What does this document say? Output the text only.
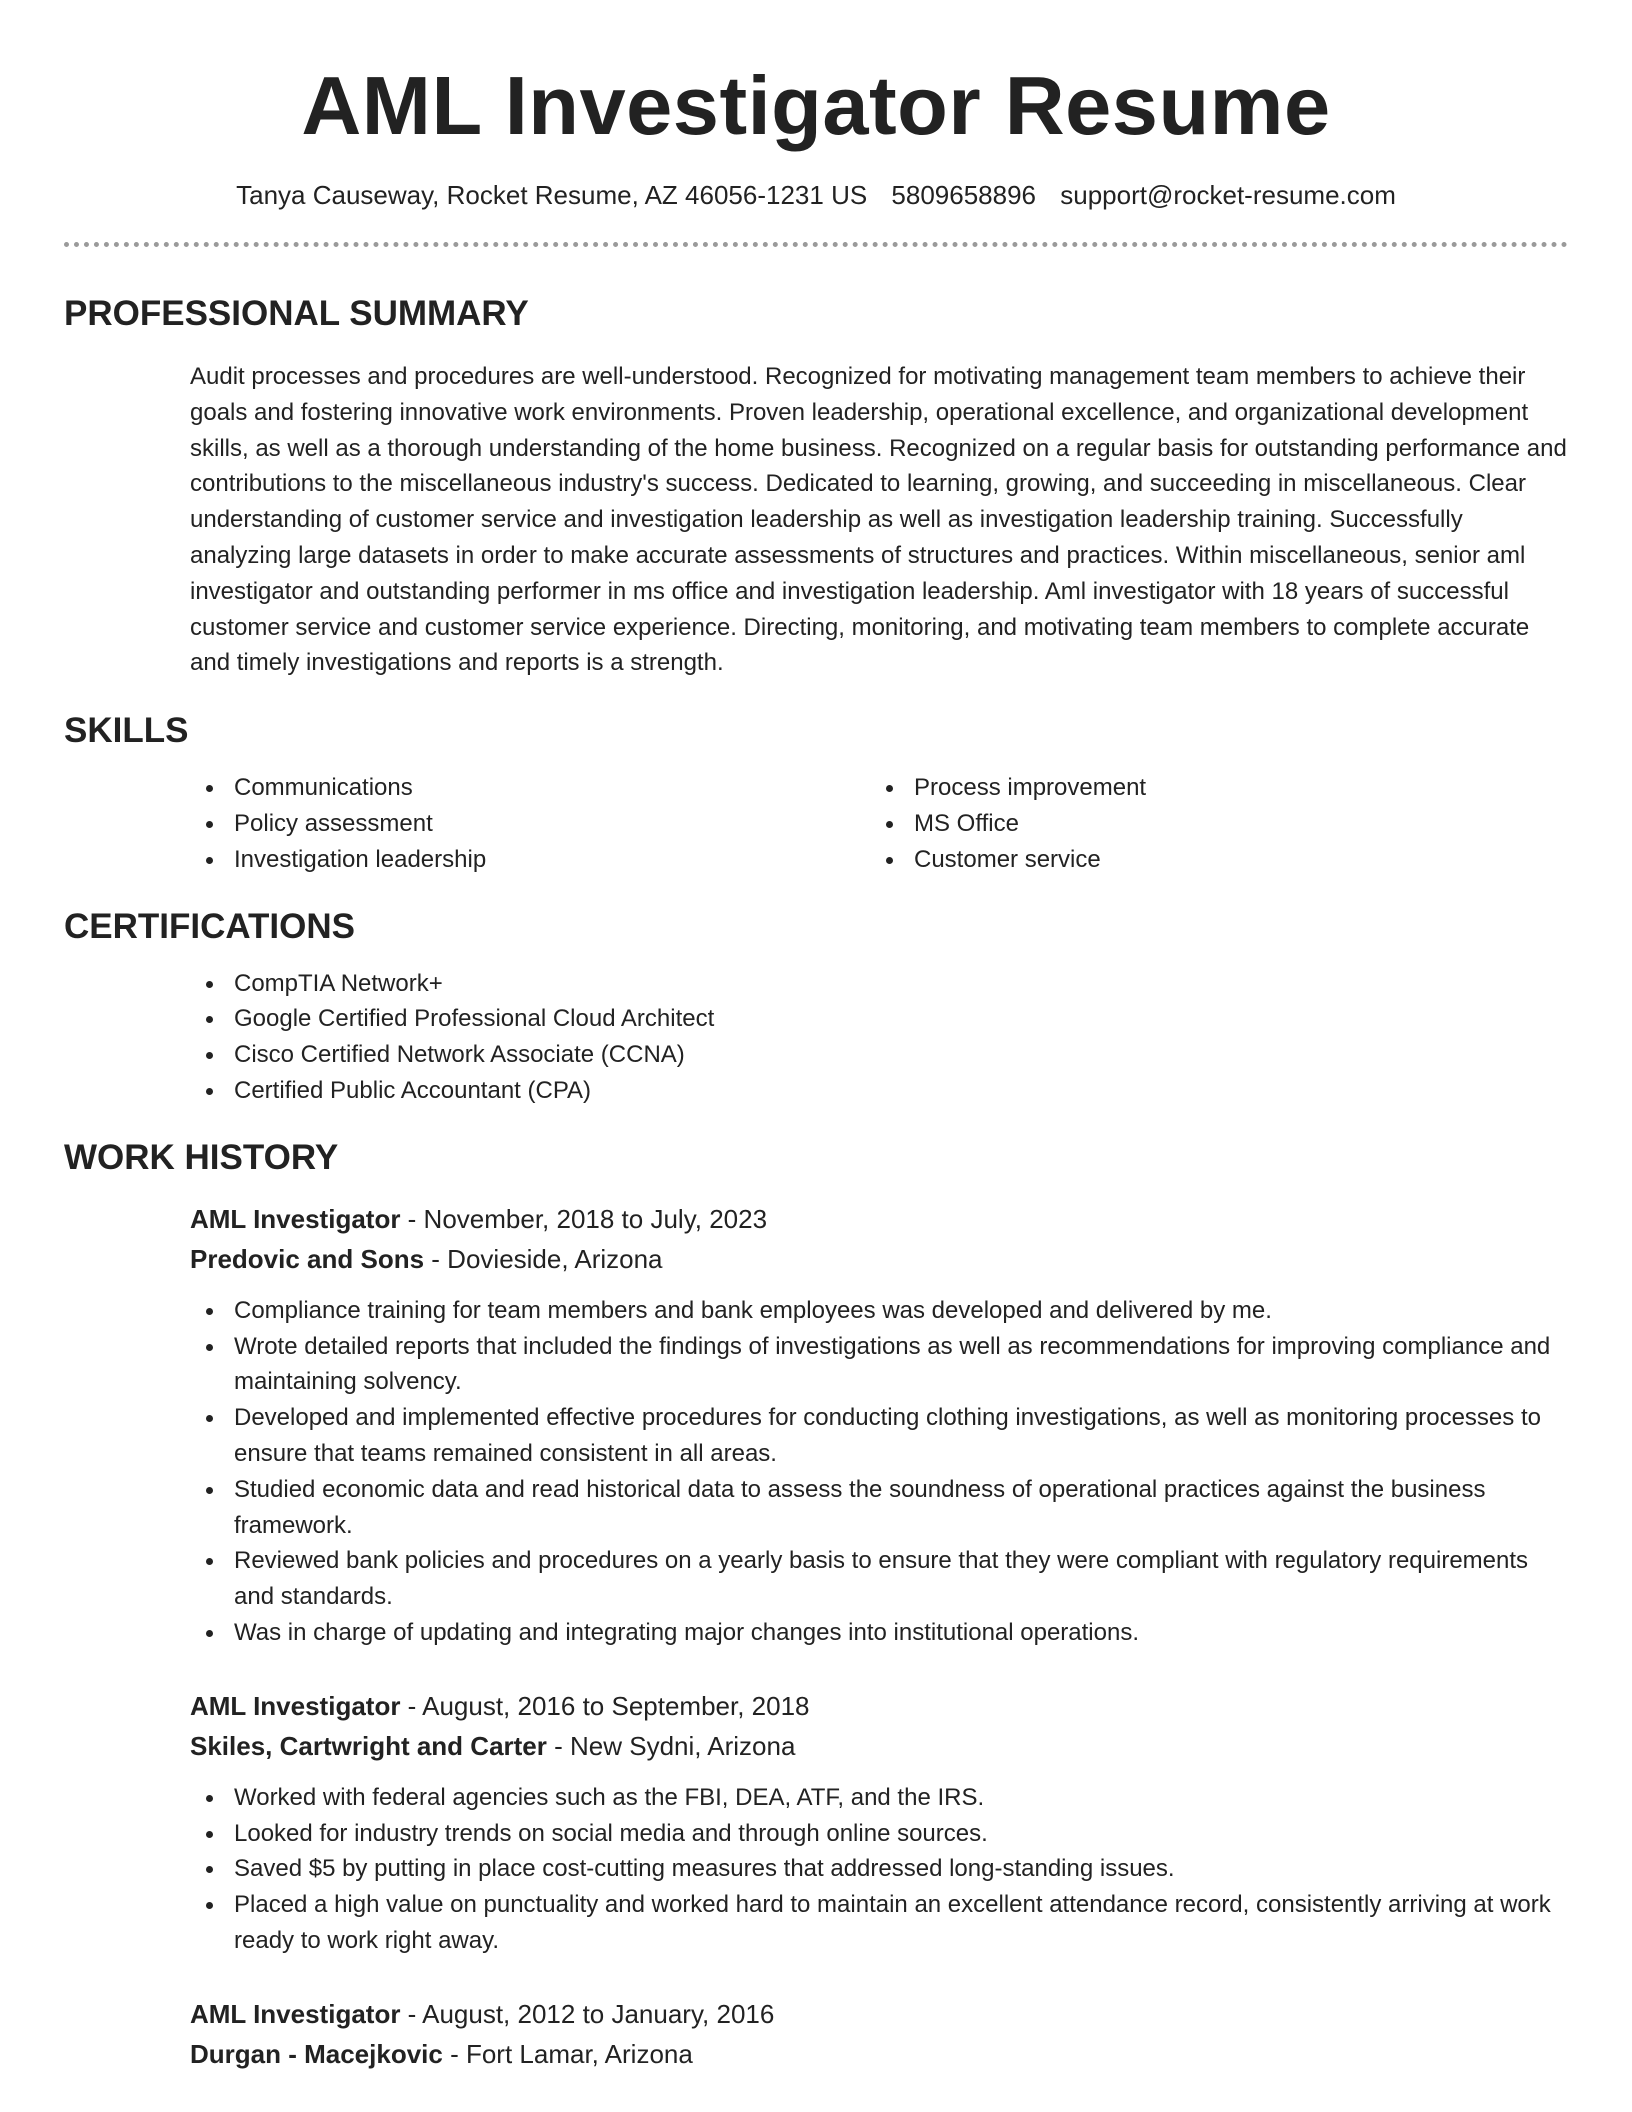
AML Investigator Resume
Tanya Causeway, Rocket Resume, AZ 46056-1231 US 5809658896 support@rocket-resume.com
PROFESSIONAL SUMMARY
Audit processes and procedures are well-understood. Recognized for motivating management team members to achieve their goals and fostering innovative work environments. Proven leadership, operational excellence, and organizational development skills, as well as a thorough understanding of the home business. Recognized on a regular basis for outstanding performance and contributions to the miscellaneous industry's success. Dedicated to learning, growing, and succeeding in miscellaneous. Clear understanding of customer service and investigation leadership as well as investigation leadership training. Successfully analyzing large datasets in order to make accurate assessments of structures and practices. Within miscellaneous, senior aml investigator and outstanding performer in ms office and investigation leadership. Aml investigator with 18 years of successful customer service and customer service experience. Directing, monitoring, and motivating team members to complete accurate and timely investigations and reports is a strength.
SKILLS
Communications
Policy assessment
Investigation leadership
Process improvement
MS Office
Customer service
CERTIFICATIONS
CompTIA Network+
Google Certified Professional Cloud Architect
Cisco Certified Network Associate (CCNA)
Certified Public Accountant (CPA)
WORK HISTORY
AML Investigator - November, 2018 to July, 2023
Predovic and Sons - Dovieside, Arizona
Compliance training for team members and bank employees was developed and delivered by me.
Wrote detailed reports that included the findings of investigations as well as recommendations for improving compliance and maintaining solvency.
Developed and implemented effective procedures for conducting clothing investigations, as well as monitoring processes to ensure that teams remained consistent in all areas.
Studied economic data and read historical data to assess the soundness of operational practices against the business framework.
Reviewed bank policies and procedures on a yearly basis to ensure that they were compliant with regulatory requirements and standards.
Was in charge of updating and integrating major changes into institutional operations.
AML Investigator - August, 2016 to September, 2018
Skiles, Cartwright and Carter - New Sydni, Arizona
Worked with federal agencies such as the FBI, DEA, ATF, and the IRS.
Looked for industry trends on social media and through online sources.
Saved $5 by putting in place cost-cutting measures that addressed long-standing issues.
Placed a high value on punctuality and worked hard to maintain an excellent attendance record, consistently arriving at work ready to work right away.
AML Investigator - August, 2012 to January, 2016
Durgan - Macejkovic - Fort Lamar, Arizona
